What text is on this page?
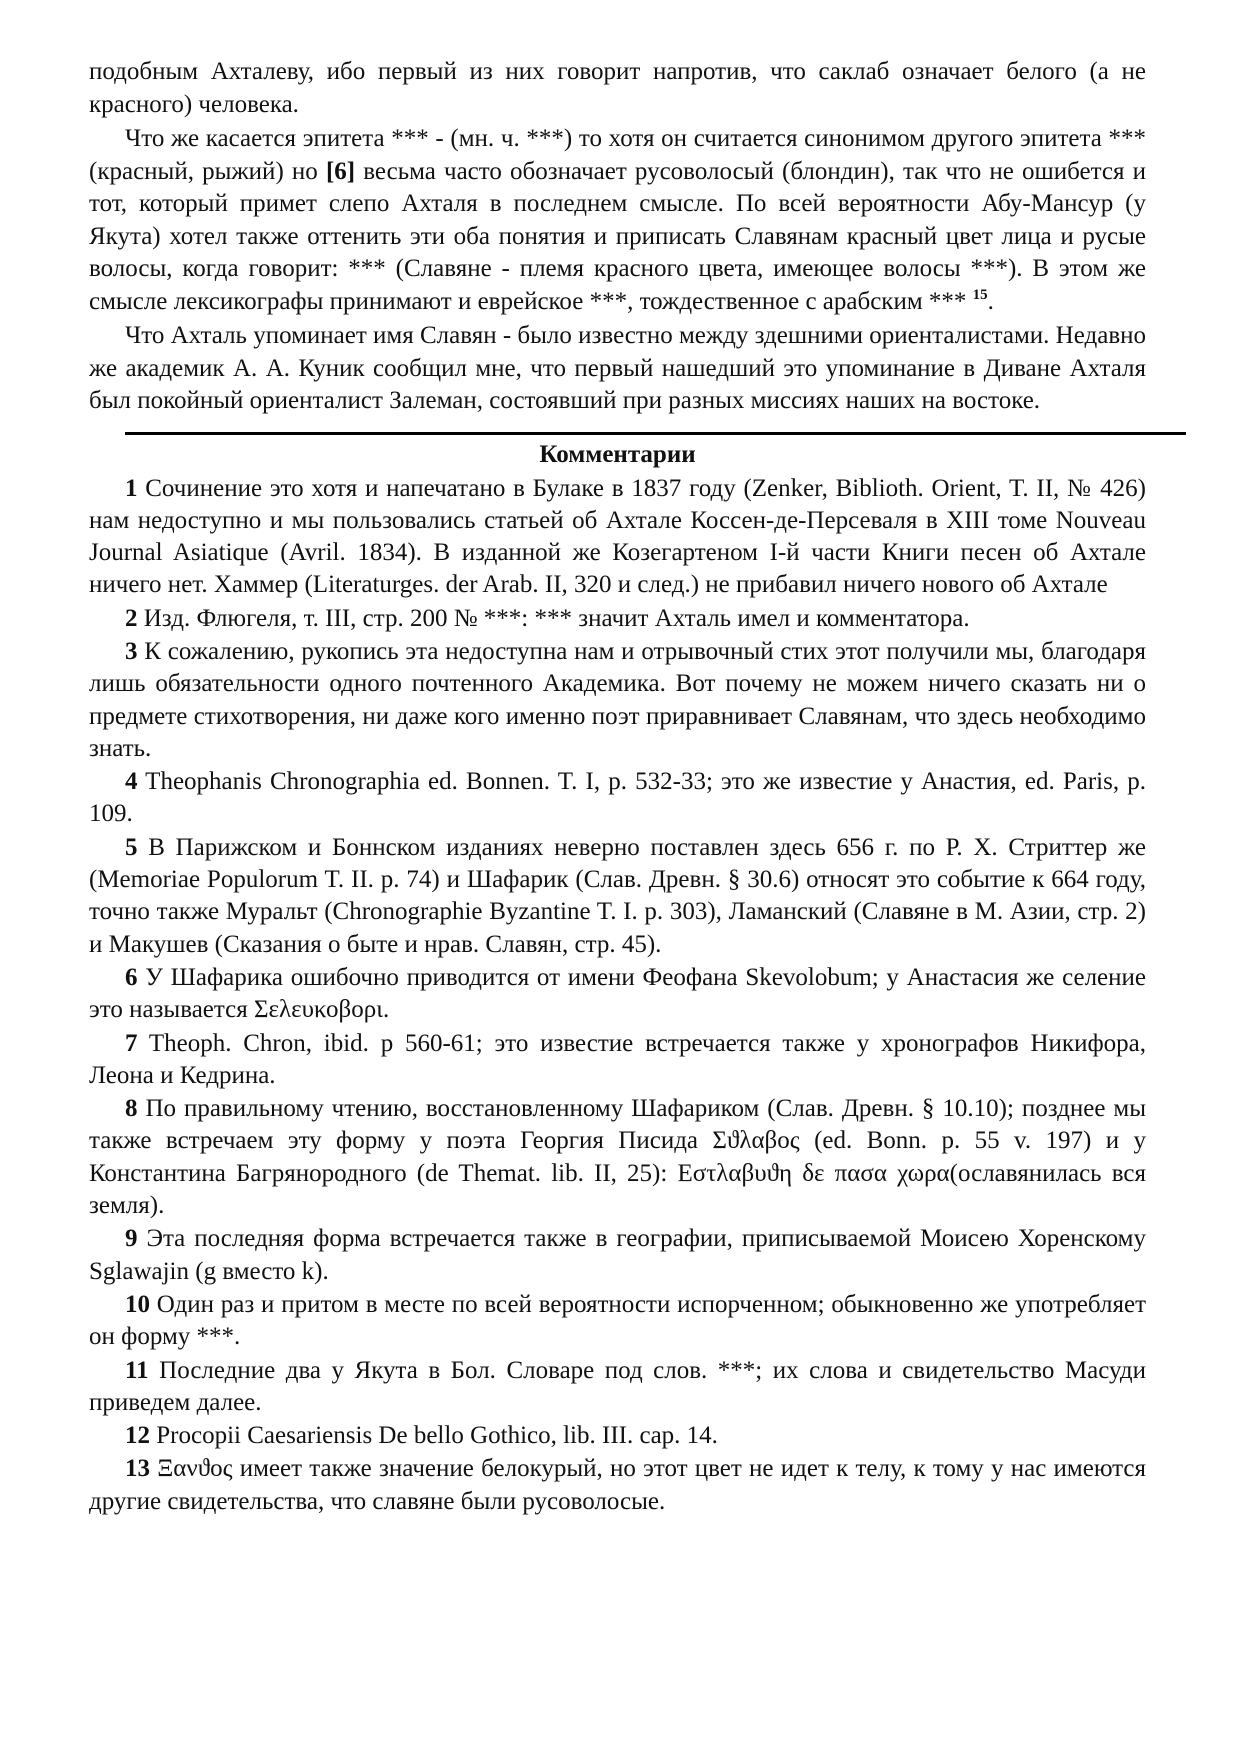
подобным Ахталеву, ибо первый из них говорит напротив, что саклаб означает белого (а не красного) человека.

Что же касается эпитета *** - (мн. ч. ***) то хотя он считается синонимом другого эпитета *** (красный, рыжий) но [6] весьма часто обозначает русоволосый (блондин), так что не ошибется и тот, который примет слепо Ахталя в последнем смысле. По всей вероятности Абу-Мансур (у Якута) хотел также оттенить эти оба понятия и приписать Славянам красный цвет лица и русые волосы, когда говорит: *** (Славяне - племя красного цвета, имеющее волосы ***). В этом же смысле лексикографы принимают и еврейское ***, тождественное с арабским *** $^{15}$.

Что Ахталь упоминает имя Славян - было известно между здешними ориенталистами. Недавно же академик А. А. Куник сообщил мне, что первый нашедший это упоминание в Диване Ахталя был покойный ориенталист Залеман, состоявший при разных миссиях наших на востоке.

Комментарии

1 Сочинение это хотя и напечатано в Булаке в 1837 году (Zenker, Biblioth. Orient, T. II, № 426) нам недоступно и мы пользовались статьей об Ахтале Коссен-де-Персеваля в XIII томе Nouveau Journal Asiatique (Avril. 1834). В изданной же Козегартеном I-й части Книги песен об Ахтале ничего нет. Хаммер (Literaturges. der Arab. II, 320 и след.) не прибавил ничего нового об Ахтале

2 Изд. Флюгеля, т. III, стр. 200 № ***: *** значит Ахталь имел и комментатора.

3 К сожалению, рукопись эта недоступна нам и отрывочный стих этот получили мы, благодаря лишь обязательности одного почтенного Академика. Вот почему не можем ничего сказать ни о предмете стихотворения, ни даже кого именно поэт приравнивает Славянам, что здесь необходимо знать.

4 Theophanis Chronographia ed. Bonnen. T. I, p. 532-33; это же известие у Анастия, ed. Paris, p. 109.

5 В Парижском и Боннском изданиях неверно поставлен здесь 656 г. по Р. Х. Стриттер же (Memoriae Populorum T. II. p. 74) и Шафарик (Слав. Древн. § 30.6) относят это событие к 664 году, точно также Муральт (Chronographie Byzantine T. I. p. 303), Ламанский (Славяне в М. Азии, стр. 2) и Макушев (Сказания о быте и нрав. Славян, стр. 45).

6 У Шафарика ошибочно приводится от имени Феофана Skevolobum; у Анастасия же селение это называется Σελευκοβορι.

7 Theoph. Chron, ibid. p 560-61; это известие встречается также у хронографов Никифора, Леона и Кедрина.

8 По правильному чтению, восстановленному Шафариком (Слав. Древн. § 10.10); позднее мы также встречаем эту форму у поэта Георгия Писида Σϑλαβος (ed. Bonn. p. 55 v. 197) и у Константина Багрянородного (de Themat. lib. II, 25): Εστλαβυϑη δε πασα χωρα(ославянилась вся земля).

9 Эта последняя форма встречается также в географии, приписываемой Моисею Хоренскому Sglawajin (g вместо k).

10 Один раз и притом в месте по всей вероятности испорченном; обыкновенно же употребляет он форму ***.

11 Последние два у Якута в Бол. Словаре под слов. ***; их слова и свидетельство Масуди приведем далее.

12 Procopii Caesariensis De bello Gothico, lib. III. cap. 14.

13 Ξανϑος имеет также значение белокурый, но этот цвет не идет к телу, к тому у нас имеются другие свидетельства, что славяне были русоволосые.
